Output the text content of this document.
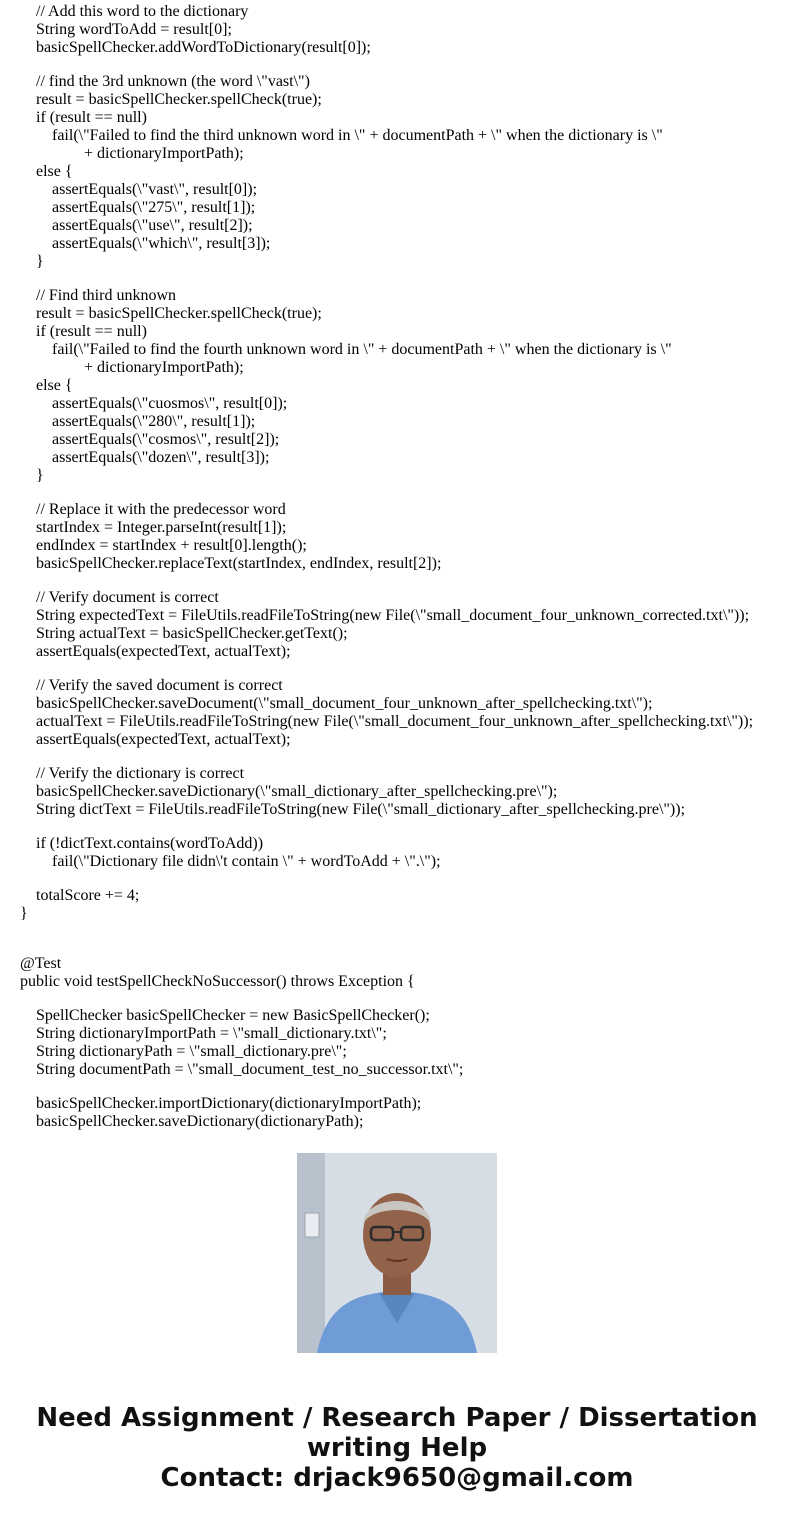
// Add this word to the dictionary
String wordToAdd = result[0];
basicSpellChecker.addWordToDictionary(result[0]);
// find the 3rd unknown (the word \"vast\")
result = basicSpellChecker.spellCheck(true);
if (result == null)
fail(\"Failed to find the third unknown word in \" + documentPath + \" when the dictionary is \"
+ dictionaryImportPath);
else {
assertEquals(\"vast\", result[0]);
assertEquals(\"275\", result[1]);
assertEquals(\"use\", result[2]);
assertEquals(\"which\", result[3]);
}
// Find third unknown
result = basicSpellChecker.spellCheck(true);
if (result == null)
fail(\"Failed to find the fourth unknown word in \" + documentPath + \" when the dictionary is \"
+ dictionaryImportPath);
else {
assertEquals(\"cuosmos\", result[0]);
assertEquals(\"280\", result[1]);
assertEquals(\"cosmos\", result[2]);
assertEquals(\"dozen\", result[3]);
}
// Replace it with the predecessor word
startIndex = Integer.parseInt(result[1]);
endIndex = startIndex + result[0].length();
basicSpellChecker.replaceText(startIndex, endIndex, result[2]);
// Verify document is correct
String expectedText = FileUtils.readFileToString(new File(\"small_document_four_unknown_corrected.txt\"));
String actualText = basicSpellChecker.getText();
assertEquals(expectedText, actualText);
// Verify the saved document is correct
basicSpellChecker.saveDocument(\"small_document_four_unknown_after_spellchecking.txt\");
actualText = FileUtils.readFileToString(new File(\"small_document_four_unknown_after_spellchecking.txt\"));
assertEquals(expectedText, actualText);
// Verify the dictionary is correct
basicSpellChecker.saveDictionary(\"small_dictionary_after_spellchecking.pre\");
String dictText = FileUtils.readFileToString(new File(\"small_dictionary_after_spellchecking.pre\"));
if (!dictText.contains(wordToAdd))
fail(\"Dictionary file didn\'t contain \" + wordToAdd + \".\");
totalScore += 4;
}
@Test
public void testSpellCheckNoSuccessor() throws Exception {
SpellChecker basicSpellChecker = new BasicSpellChecker();
String dictionaryImportPath = \"small_dictionary.txt\";
String dictionaryPath = \"small_dictionary.pre\";
String documentPath = \"small_document_test_no_successor.txt\";
basicSpellChecker.importDictionary(dictionaryImportPath);
basicSpellChecker.saveDictionary(dictionaryPath);
Need Assignment / Research Paper / Dissertation
writing Help
Contact: drjack9650@gmail.com
